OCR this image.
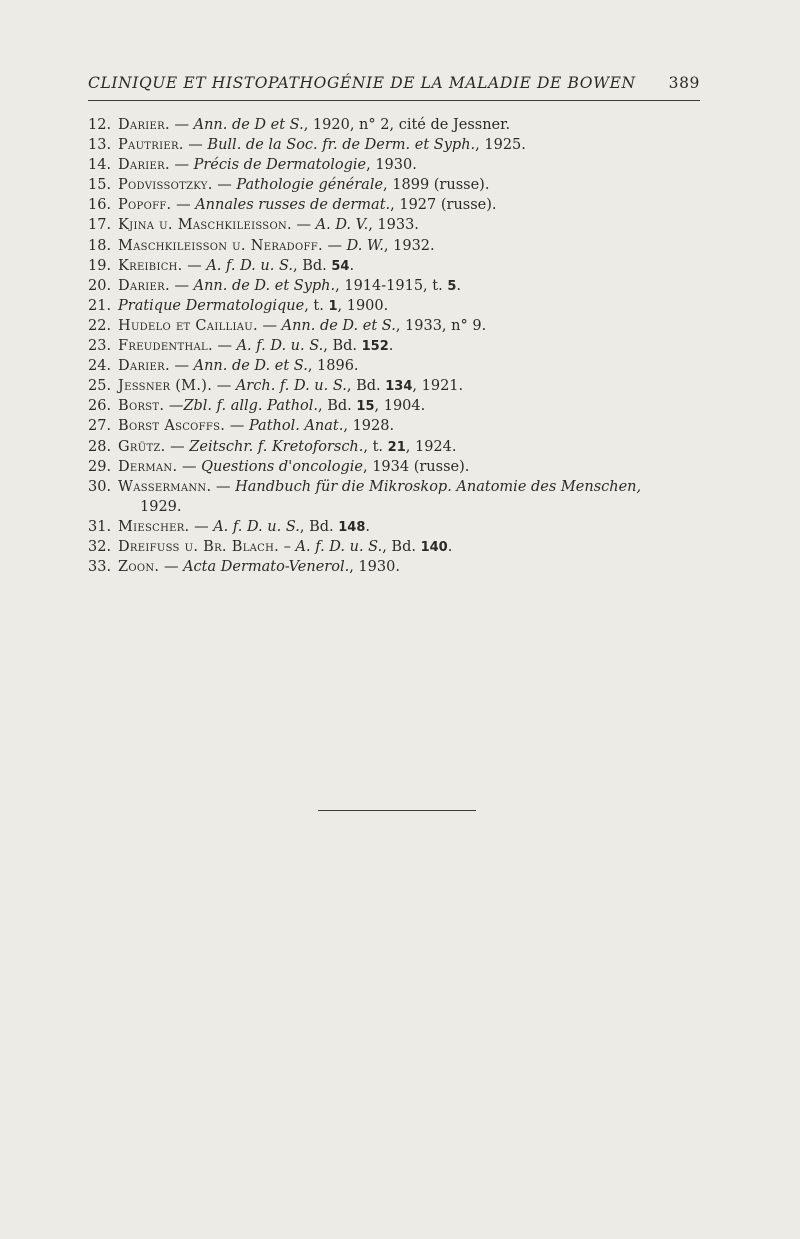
CLINIQUE ET HISTOPATHOGÉNIE DE LA MALADIE DE BOWEN 389
12. Darier. — Ann. de D et S., 1920, n° 2, cité de Jessner.
13. Pautrier. — Bull. de la Soc. fr. de Derm. et Syph., 1925.
14. Darier. — Précis de Dermatologie, 1930.
15. Podvissotzky. — Pathologie générale, 1899 (russe).
16. Popoff. — Annales russes de dermat., 1927 (russe).
17. Kjina u. Maschkileisson. — A. D. V., 1933.
18. Maschkileisson u. Neradoff. — D. W., 1932.
19. Kreibich. — A. f. D. u. S., Bd. 54.
20. Darier. — Ann. de D. et Syph., 1914-1915, t. 5.
21. Pratique Dermatologique, t. 1, 1900.
22. Hudelo et Cailliau. — Ann. de D. et S., 1933, n° 9.
23. Freudenthal. — A. f. D. u. S., Bd. 152.
24. Darier. — Ann. de D. et S., 1896.
25. Jessner (M.). — Arch. f. D. u. S., Bd. 134, 1921.
26. Borst. —Zbl. f. allg. Pathol., Bd. 15, 1904.
27. Borst Ascoffs. — Pathol. Anat., 1928.
28. Grütz. — Zeitschr. f. Kretoforsch., t. 21, 1924.
29. Derman. — Questions d'oncologie, 1934 (russe).
30. Wassermann. — Handbuch für die Mikroskop. Anatomie des Menschen,
1929.
31. Miescher. — A. f. D. u. S., Bd. 148.
32. Dreifuss u. Br. Blach. – A. f. D. u. S., Bd. 140.
33. Zoon. — Acta Dermato-Venerol., 1930.
